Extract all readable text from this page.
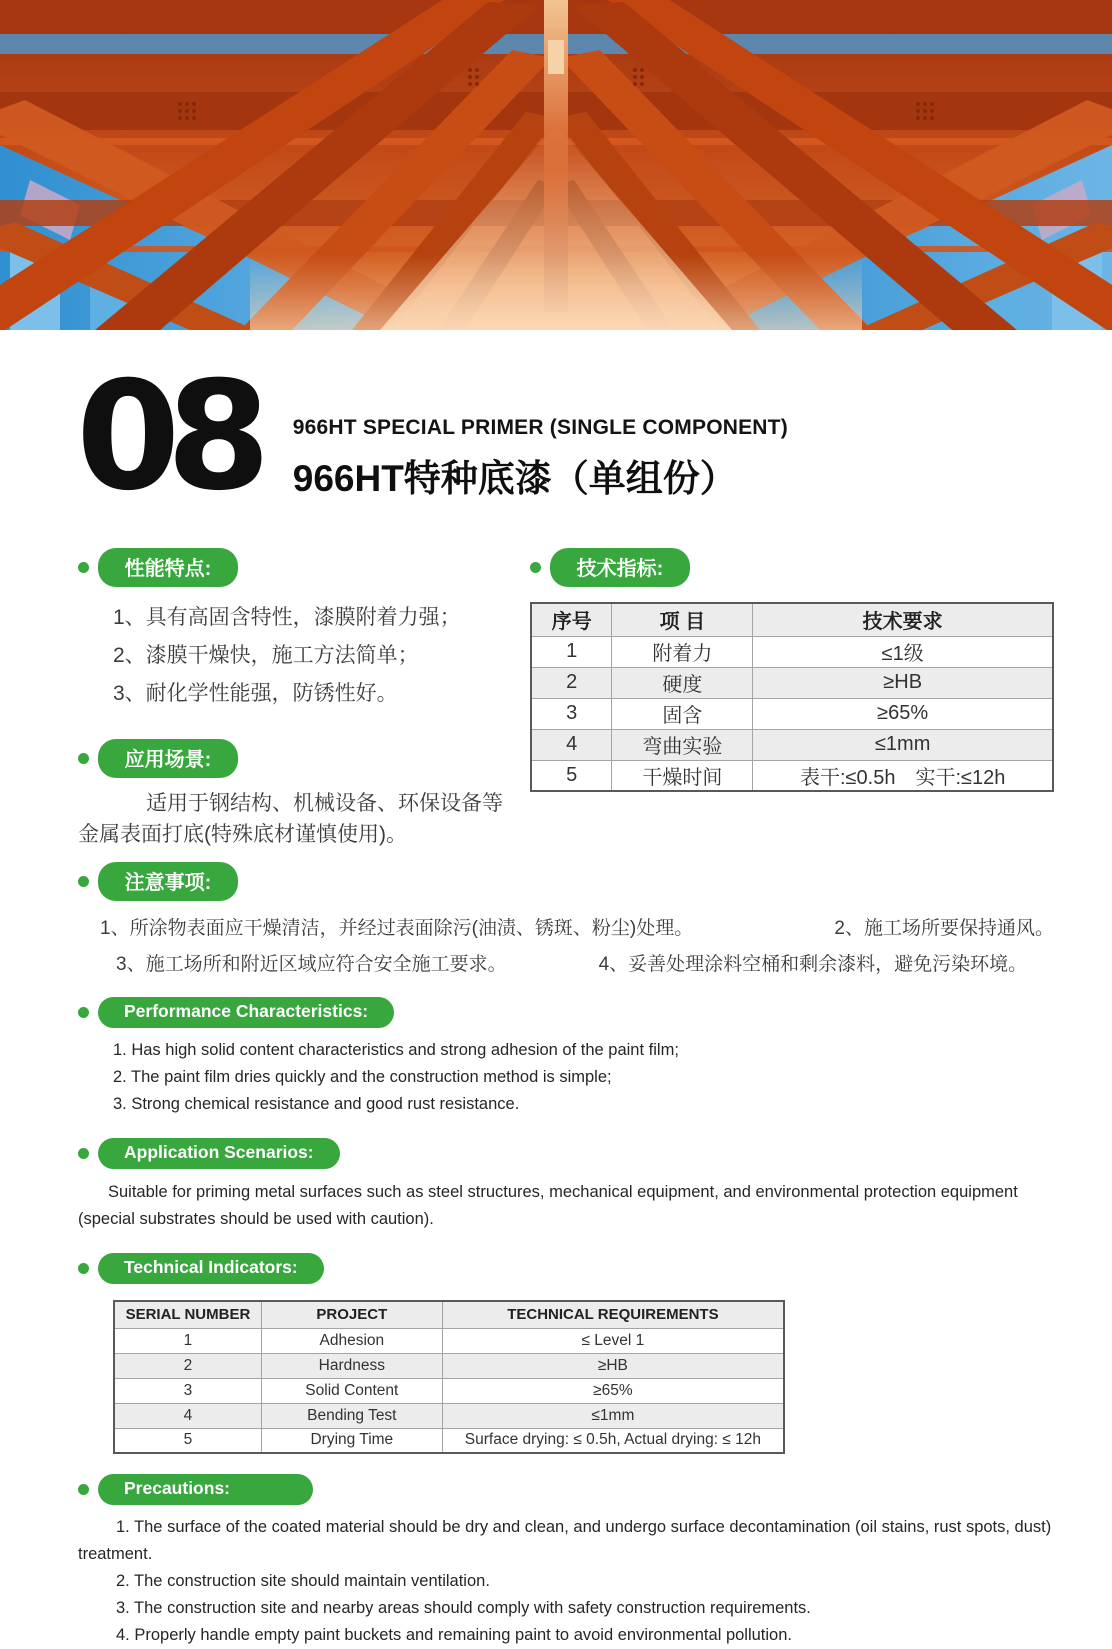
08	966HT SPECIAL PRIMER (SINGLE COMPONENT)
966HT特种底漆（单组份）
性能特点:
1、具有高固含特性，漆膜附着力强；
2、漆膜干燥快，施工方法简单；
3、耐化学性能强，防锈性好。
应用场景:

适用于钢结构、机械设备、环保设备等金属表面打底(特殊底材谨慎使用)。

技术指标:
序号	项 目	技术要求
1	附着力	≤1级
2	硬度	≥HB
3	固含	≥65%
4	弯曲实验	≤1mm
5	干燥时间	表干:≤0.5h　实干:≤12h
注意事项:
1、所涂物表面应干燥清洁，并经过表面除污(油渍、锈斑、粉尘)处理。	2、施工场所要保持通风。
3、施工场所和附近区域应符合安全施工要求。	4、妥善处理涂料空桶和剩余漆料，避免污染环境。
Performance Characteristics:
1. Has high solid content characteristics and strong adhesion of the paint film;
2. The paint film dries quickly and the construction method is simple;
3. Strong chemical resistance and good rust resistance.
Application Scenarios:

Suitable for priming metal surfaces such as steel structures, mechanical equipment, and environmental protection equipment (special substrates should be used with caution).

Technical Indicators:
SERIAL NUMBER	PROJECT	TECHNICAL REQUIREMENTS
1	Adhesion	≤ Level 1
2	Hardness	≥HB
3	Solid Content	≥65%
4	Bending Test	≤1mm
5	Drying Time	Surface drying: ≤ 0.5h, Actual drying: ≤ 12h
Precautions:

1. The surface of the coated material should be dry and clean, and undergo surface decontamination (oil stains, rust spots, dust) treatment.

2. The construction site should maintain ventilation.

3. The construction site and nearby areas should comply with safety construction requirements.

4. Properly handle empty paint buckets and remaining paint to avoid environmental pollution.
